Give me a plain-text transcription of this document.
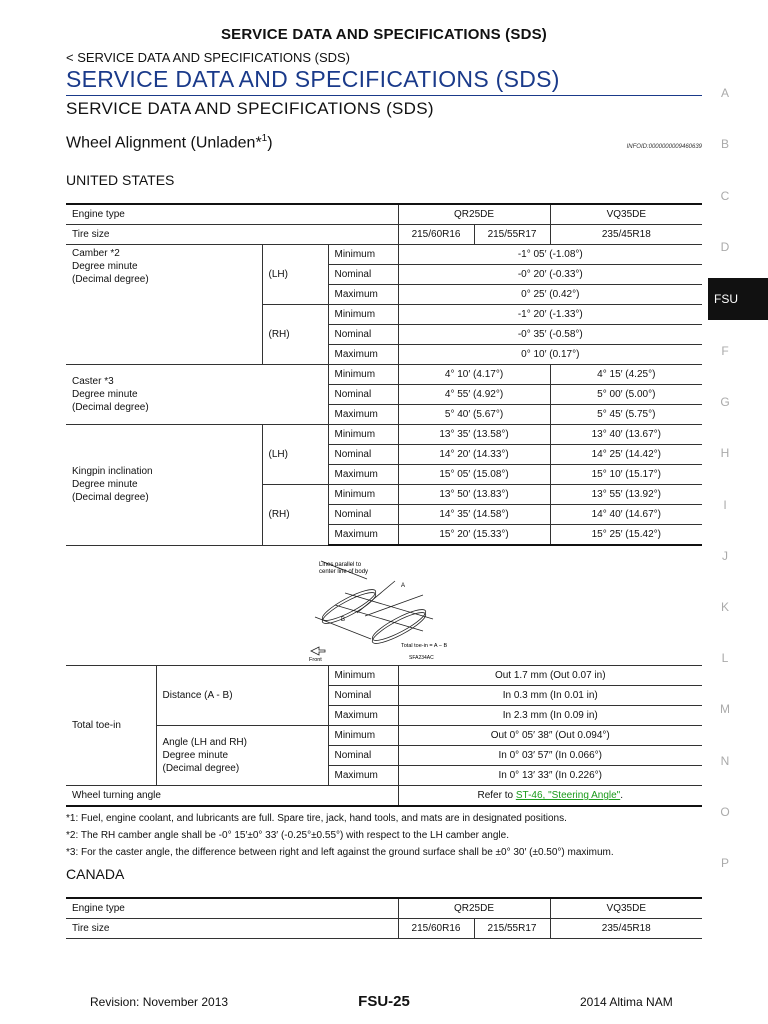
SERVICE DATA AND SPECIFICATIONS (SDS)
< SERVICE DATA AND SPECIFICATIONS (SDS)
SERVICE DATA AND SPECIFICATIONS (SDS)
SERVICE DATA AND SPECIFICATIONS (SDS)
Wheel Alignment (Unladen*$^1$)	INFOID:0000000009460639
UNITED STATES
Engine type			QR25DE		VQ35DE
Tire size			215/60R16	215/55R17	235/45R18

Camber *2
Degree minute
(Decimal degree)	(LH)	Minimum	-1° 05′ (-1.08°)		
		Nominal	-0° 20′ (-0.33°)		
		Maximum	0° 25′ (0.42°)		
	(RH)	Minimum	-1° 20′ (-1.33°)		
		Nominal	-0° 35′ (-0.58°)		
		Maximum	0° 10′ (0.17°)		

Caster *3
Degree minute
(Decimal degree)		Minimum	4° 10′ (4.17°)		4° 15′ (4.25°)
		Nominal	4° 55′ (4.92°)		5° 00′ (5.00°)
		Maximum	5° 40′ (5.67°)		5° 45′ (5.75°)

Kingpin inclination
Degree minute
(Decimal degree)	(LH)	Minimum	13° 35′ (13.58°)		13° 40′ (13.67°)
		Nominal	14° 20′ (14.33°)		14° 25′ (14.42°)
		Maximum	15° 05′ (15.08°)		15° 10′ (15.17°)
	(RH)	Minimum	13° 50′ (13.83°)		13° 55′ (13.92°)
		Nominal	14° 35′ (14.58°)		14° 40′ (14.67°)
		Maximum	15° 20′ (15.33°)		15° 25′ (15.42°)
Lines parallel to
center line of body
A
B
Total toe-in = A − B
Front	SFA234AC
Total toe-in	Distance (A - B)	Minimum	Out 1.7 mm (Out 0.07 in)
		Nominal	In 0.3 mm (In 0.01 in)
		Maximum	In 2.3 mm (In 0.09 in)

	Angle (LH and RH)
Degree minute
(Decimal degree)	Minimum	Out 0° 05′ 38″ (Out 0.094°)
		Nominal	In 0° 03′ 57″ (In 0.066°)
		Maximum	In 0° 13′ 33″ (In 0.226°)
Wheel turning angle			Refer to ST-46, "Steering Angle".
*1: Fuel, engine coolant, and lubricants are full. Spare tire, jack, hand tools, and mats are in designated positions.
*2: The RH camber angle shall be -0° 15′±0° 33′ (-0.25°±0.55°) with respect to the LH camber angle.
*3: For the caster angle, the difference between right and left against the ground surface shall be ±0° 30′ (±0.50°) maximum.
CANADA
Engine type	QR25DE		VQ35DE
Tire size	215/60R16	215/55R17	235/45R18
A
B
C
D
F
G
H
I
J
K
L
M
N
O
P
FSU
Revision: November 2013	FSU-25	2014 Altima NAM
